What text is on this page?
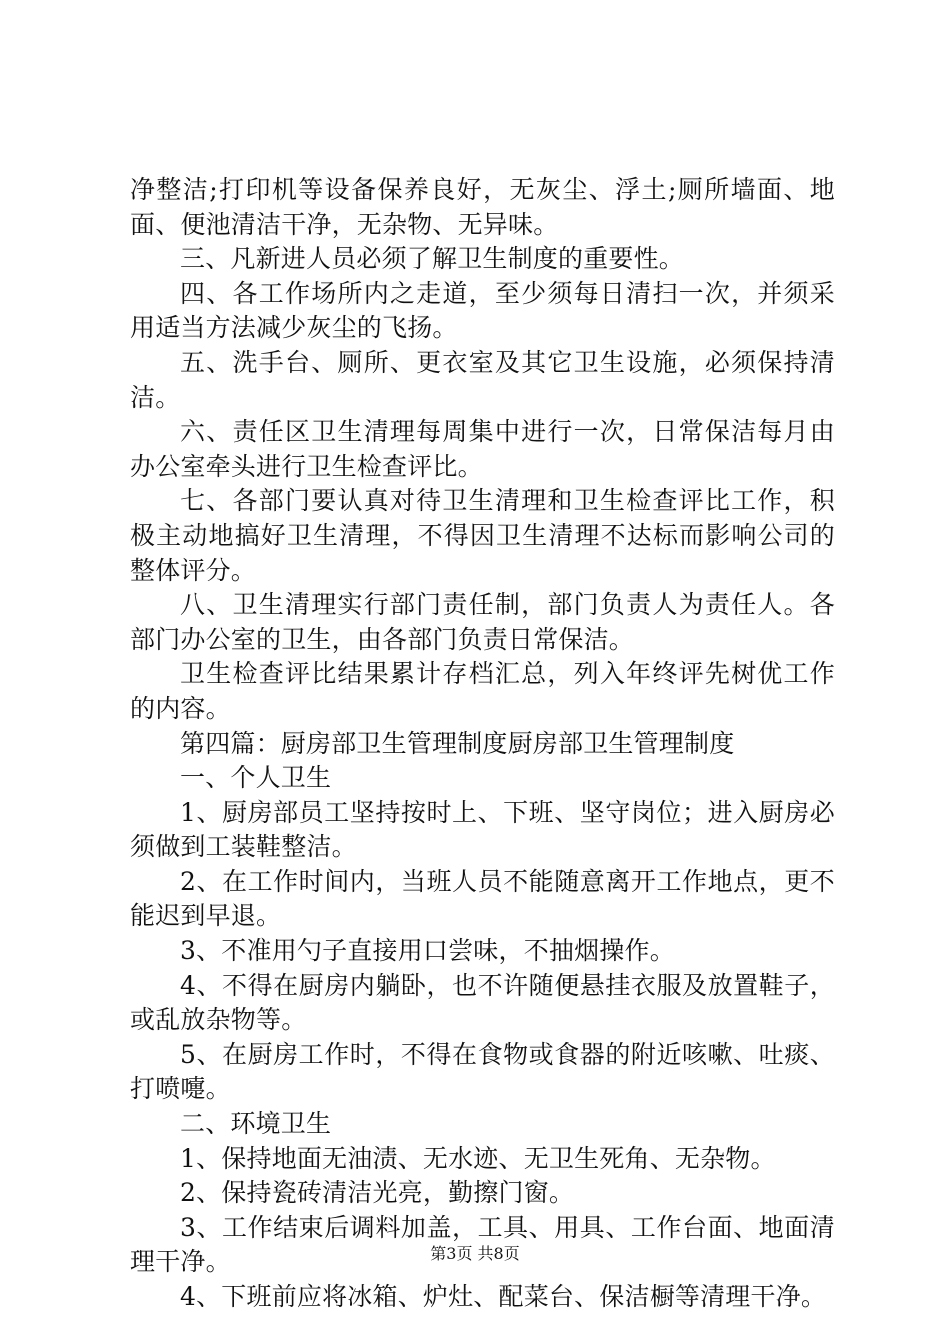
净整洁;打印机等设备保养良好，无灰尘、浮土;厕所墙面、地面、便池清洁干净，无杂物、无异味。

三、凡新进人员必须了解卫生制度的重要性。

四、各工作场所内之走道，至少须每日清扫一次，并须采用适当方法减少灰尘的飞扬。

五、洗手台、厕所、更衣室及其它卫生设施，必须保持清洁。

六、责任区卫生清理每周集中进行一次，日常保洁每月由办公室牵头进行卫生检查评比。

七、各部门要认真对待卫生清理和卫生检查评比工作，积极主动地搞好卫生清理，不得因卫生清理不达标而影响公司的整体评分。

八、卫生清理实行部门责任制，部门负责人为责任人。各部门办公室的卫生，由各部门负责日常保洁。

卫生检查评比结果累计存档汇总，列入年终评先树优工作的内容。

第四篇：厨房部卫生管理制度厨房部卫生管理制度

一、个人卫生

1、厨房部员工坚持按时上、下班、坚守岗位；进入厨房必须做到工装鞋整洁。

2、在工作时间内，当班人员不能随意离开工作地点，更不能迟到早退。

3、不准用勺子直接用口尝味，不抽烟操作。

4、不得在厨房内躺卧，也不许随便悬挂衣服及放置鞋子，或乱放杂物等。

5、在厨房工作时，不得在食物或食器的附近咳嗽、吐痰、打喷嚏。

二、环境卫生

1、保持地面无油渍、无水迹、无卫生死角、无杂物。

2、保持瓷砖清洁光亮，勤擦门窗。

3、工作结束后调料加盖，工具、用具、工作台面、地面清理干净。

4、下班前应将冰箱、炉灶、配菜台、保洁橱等清理干净。

第3页 共8页
